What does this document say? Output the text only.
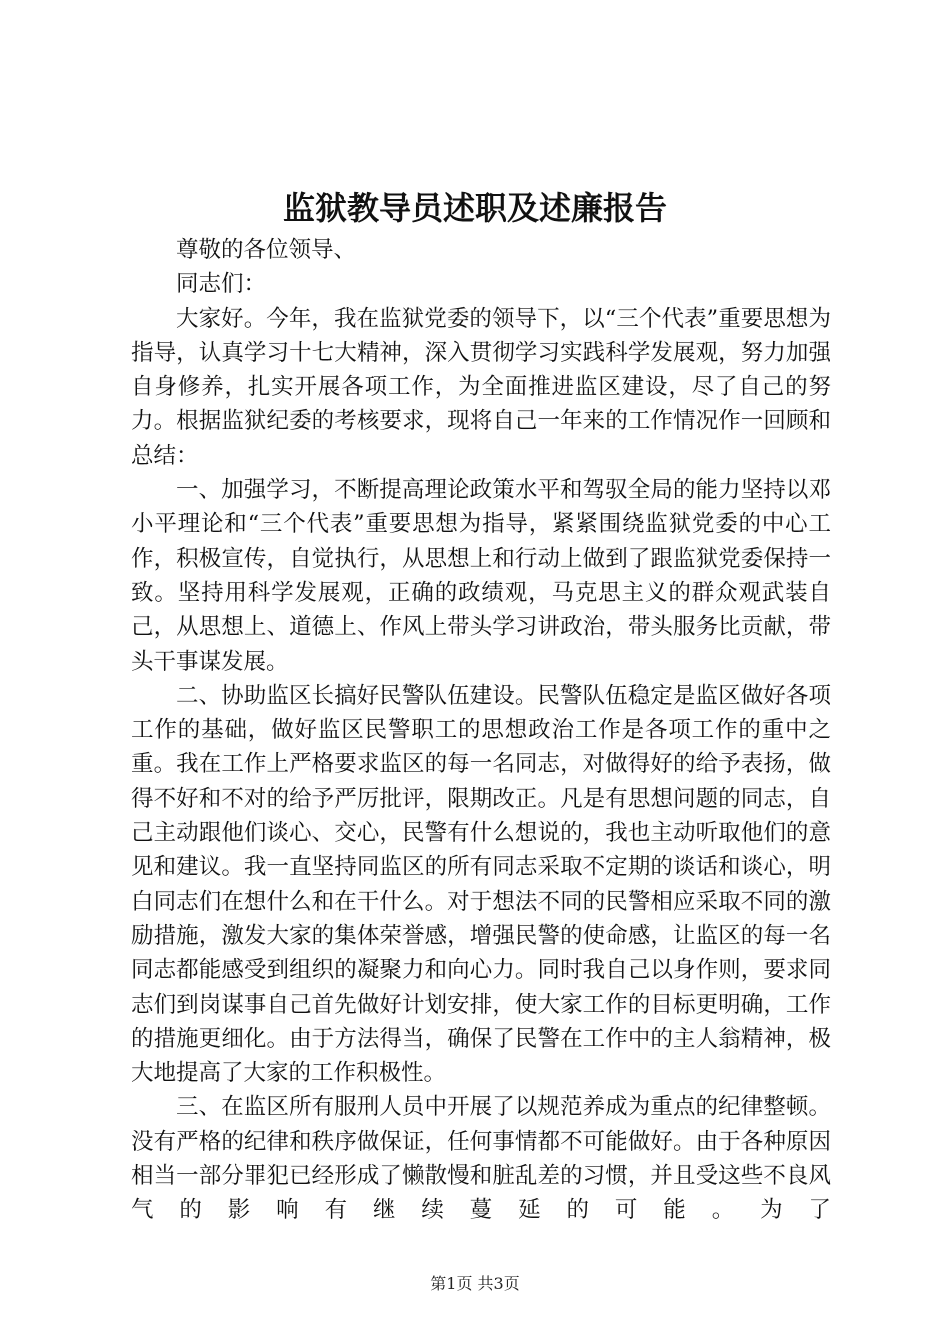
监狱教导员述职及述廉报告

尊敬的各位领导、

同志们：

大家好。今年，我在监狱党委的领导下，以“三个代表”重要思想为指导，认真学习十七大精神，深入贯彻学习实践科学发展观，努力加强自身修养，扎实开展各项工作，为全面推进监区建设，尽了自己的努力。根据监狱纪委的考核要求，现将自己一年来的工作情况作一回顾和总结：

一、加强学习，不断提高理论政策水平和驾驭全局的能力坚持以邓小平理论和“三个代表”重要思想为指导，紧紧围绕监狱党委的中心工作，积极宣传，自觉执行，从思想上和行动上做到了跟监狱党委保持一致。坚持用科学发展观，正确的政绩观，马克思主义的群众观武装自己，从思想上、道德上、作风上带头学习讲政治，带头服务比贡献，带头干事谋发展。

二、协助监区长搞好民警队伍建设。民警队伍稳定是监区做好各项工作的基础，做好监区民警职工的思想政治工作是各项工作的重中之重。我在工作上严格要求监区的每一名同志，对做得好的给予表扬，做得不好和不对的给予严厉批评，限期改正。凡是有思想问题的同志，自己主动跟他们谈心、交心，民警有什么想说的，我也主动听取他们的意见和建议。我一直坚持同监区的所有同志采取不定期的谈话和谈心，明白同志们在想什么和在干什么。对于想法不同的民警相应采取不同的激励措施，激发大家的集体荣誉感，增强民警的使命感，让监区的每一名同志都能感受到组织的凝聚力和向心力。同时我自己以身作则，要求同志们到岗谋事自己首先做好计划安排，使大家工作的目标更明确，工作的措施更细化。由于方法得当，确保了民警在工作中的主人翁精神，极大地提高了大家的工作积极性。

三、在监区所有服刑人员中开展了以规范养成为重点的纪律整顿。没有严格的纪律和秩序做保证，任何事情都不可能做好。由于各种原因相当一部分罪犯已经形成了懒散慢和脏乱差的习惯，并且受这些不良风气的影响有继续蔓延的可能。为了

第1页 共3页
